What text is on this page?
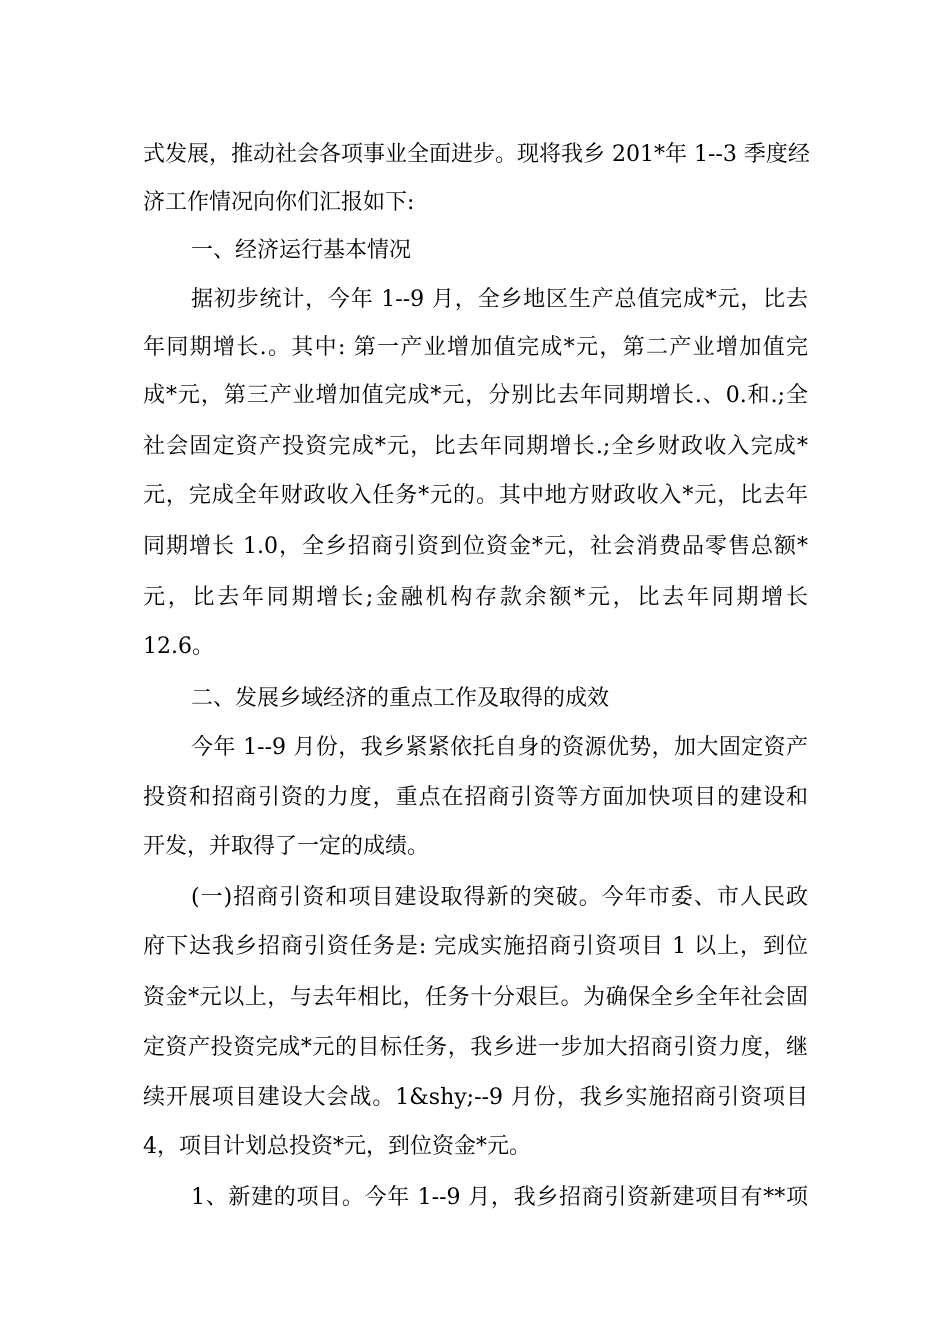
式发展，推动社会各项事业全面进步。现将我乡 201*年 1--3 季度经

济工作情况向你们汇报如下:

一、经济运行基本情况

据初步统计，今年 1--9 月，全乡地区生产总值完成*元，比去

年同期增长.。其中: 第一产业增加值完成*元，第二产业增加值完

成*元，第三产业增加值完成*元，分别比去年同期增长.、0.和.;全

社会固定资产投资完成*元，比去年同期增长.;全乡财政收入完成*

元，完成全年财政收入任务*元的。其中地方财政收入*元，比去年

同期增长 1.0，全乡招商引资到位资金*元，社会消费品零售总额*

元，比去年同期增长;金融机构存款余额*元，比去年同期增长

12.6。

二、发展乡域经济的重点工作及取得的成效

今年 1--9 月份，我乡紧紧依托自身的资源优势，加大固定资产

投资和招商引资的力度，重点在招商引资等方面加快项目的建设和

开发，并取得了一定的成绩。

(一)招商引资和项目建设取得新的突破。今年市委、市人民政

府下达我乡招商引资任务是: 完成实施招商引资项目 1 以上，到位

资金*元以上，与去年相比，任务十分艰巨。为确保全乡全年社会固

定资产投资完成*元的目标任务，我乡进一步加大招商引资力度，继

续开展项目建设大会战。1&shy;--9 月份，我乡实施招商引资项目

4，项目计划总投资*元，到位资金*元。

1、新建的项目。今年 1--9 月，我乡招商引资新建项目有**项
